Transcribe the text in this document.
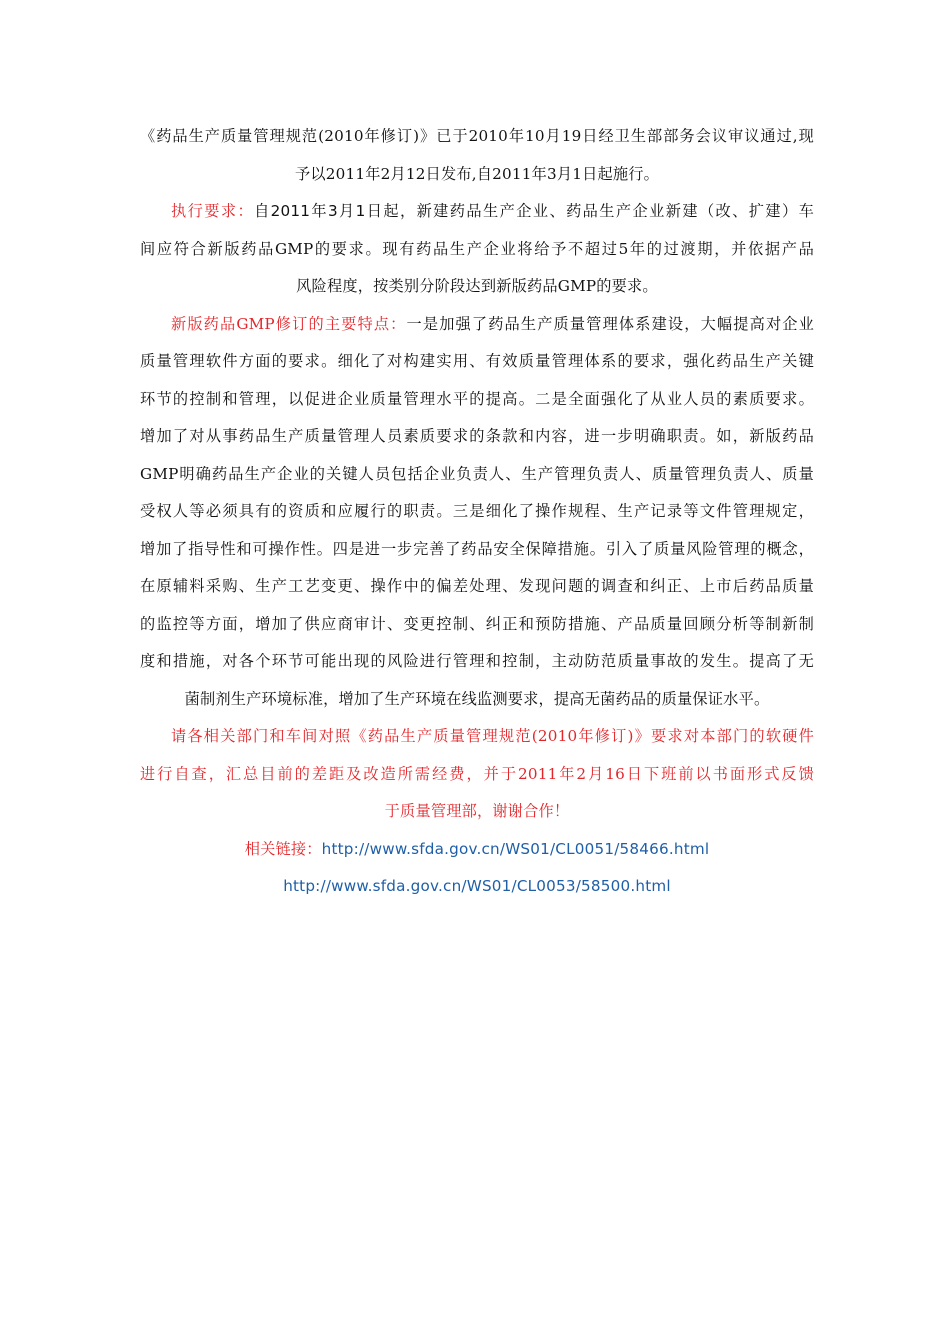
《药品生产质量管理规范(2010年修订)》已于2010年10月19日经卫生部部务会议审议通过,现
予以2011年2月12日发布,自2011年3月1日起施行。
执行要求：自2011年3月1日起，新建药品生产企业、药品生产企业新建（改、扩建）车
间应符合新版药品GMP的要求。现有药品生产企业将给予不超过5年的过渡期，并依据产品
风险程度，按类别分阶段达到新版药品GMP的要求。
新版药品GMP修订的主要特点：一是加强了药品生产质量管理体系建设，大幅提高对企业
质量管理软件方面的要求。细化了对构建实用、有效质量管理体系的要求，强化药品生产关键
环节的控制和管理，以促进企业质量管理水平的提高。二是全面强化了从业人员的素质要求。
增加了对从事药品生产质量管理人员素质要求的条款和内容，进一步明确职责。如，新版药品
GMP明确药品生产企业的关键人员包括企业负责人、生产管理负责人、质量管理负责人、质量
受权人等必须具有的资质和应履行的职责。三是细化了操作规程、生产记录等文件管理规定，
增加了指导性和可操作性。四是进一步完善了药品安全保障措施。引入了质量风险管理的概念，
在原辅料采购、生产工艺变更、操作中的偏差处理、发现问题的调查和纠正、上市后药品质量
的监控等方面，增加了供应商审计、变更控制、纠正和预防措施、产品质量回顾分析等制新制
度和措施，对各个环节可能出现的风险进行管理和控制，主动防范质量事故的发生。提高了无
菌制剂生产环境标准，增加了生产环境在线监测要求，提高无菌药品的质量保证水平。
请各相关部门和车间对照《药品生产质量管理规范(2010年修订)》要求对本部门的软硬件
进行自查，汇总目前的差距及改造所需经费，并于2011年2月16日下班前以书面形式反馈
于质量管理部，谢谢合作！
相关链接：http://www.sfda.gov.cn/WS01/CL0051/58466.html
http://www.sfda.gov.cn/WS01/CL0053/58500.html
